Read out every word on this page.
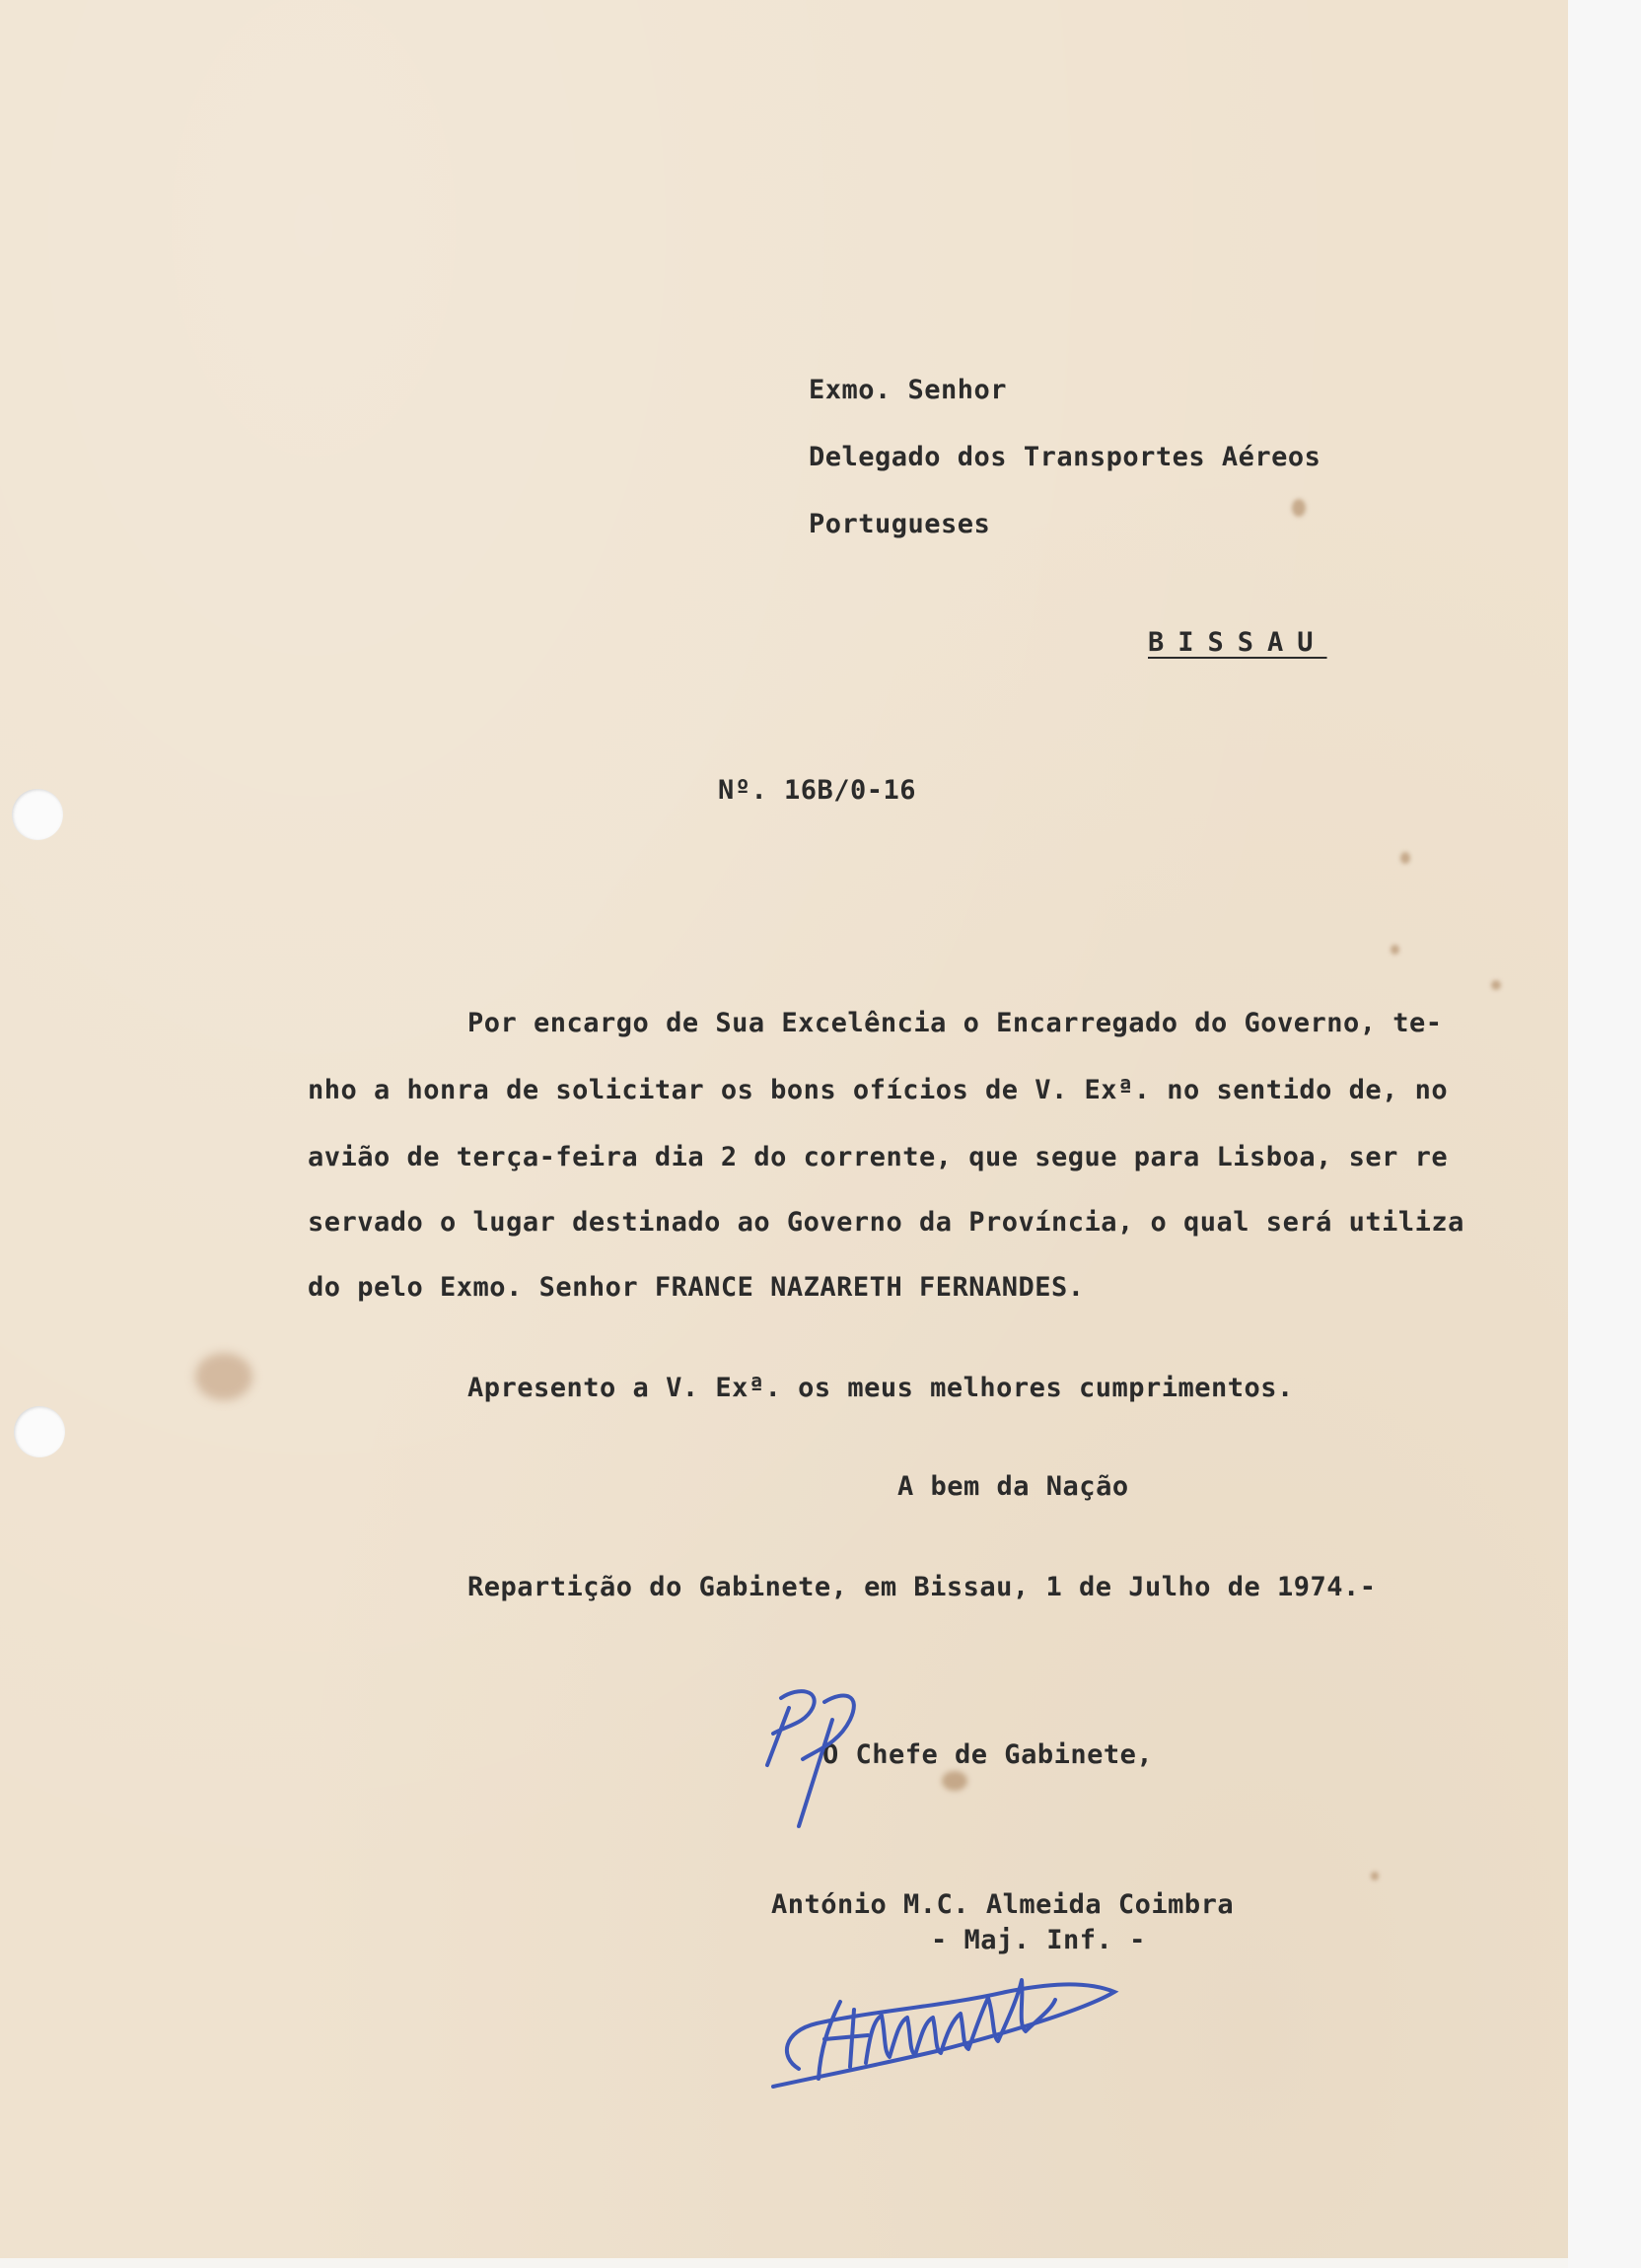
Exmo. Senhor
Delegado dos Transportes Aéreos
Portugueses
BISSAU
Nº. 16B/0-16
Por encargo de Sua Excelência o Encarregado do Governo, te-
nho a honra de solicitar os bons ofícios de V. Exª. no sentido de, no
avião de terça-feira dia 2 do corrente, que segue para Lisboa, ser re
servado o lugar destinado ao Governo da Província, o qual será utiliza
do pelo Exmo. Senhor FRANCE NAZARETH FERNANDES.
Apresento a V. Exª. os meus melhores cumprimentos.
A bem da Nação
Repartição do Gabinete, em Bissau, 1 de Julho de 1974.-
O Chefe de Gabinete,
António M.C. Almeida Coimbra
- Maj. Inf. -
